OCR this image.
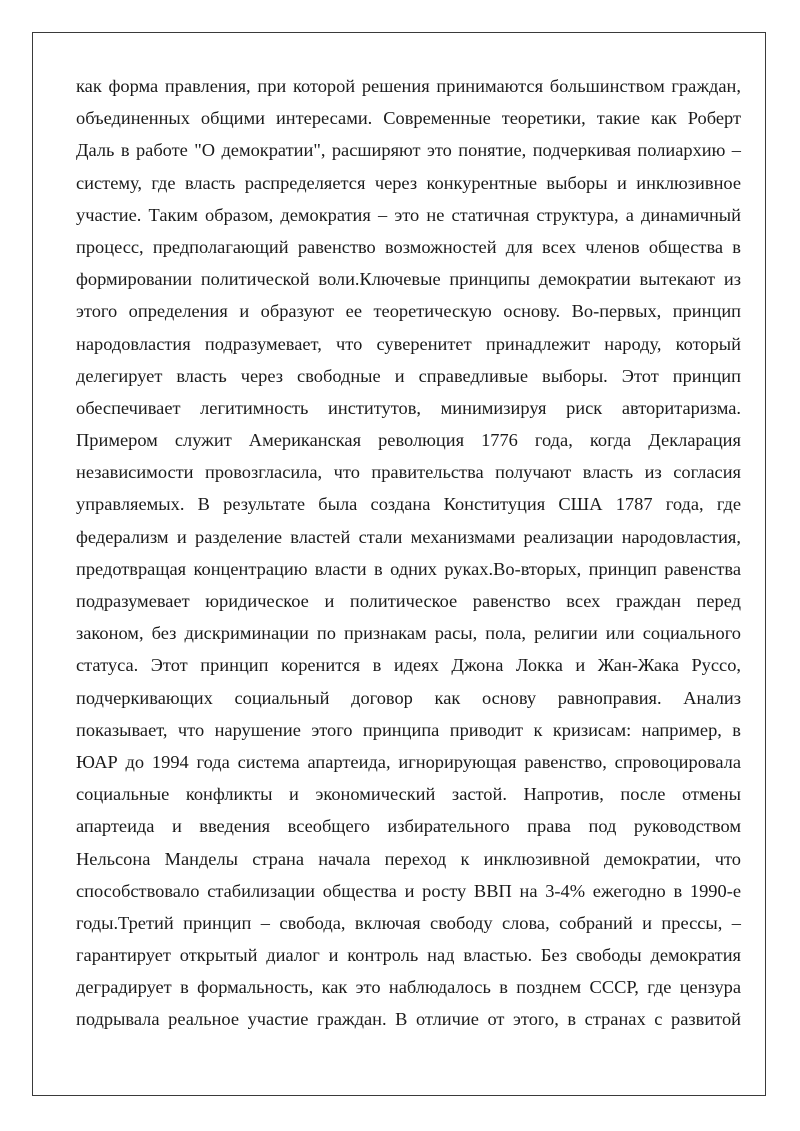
как форма правления, при которой решения принимаются большинством граждан,
объединенных общими интересами. Современные теоретики, такие как Роберт
Даль в работе "О демократии", расширяют это понятие, подчеркивая полиархию –
систему, где власть распределяется через конкурентные выборы и инклюзивное
участие. Таким образом, демократия – это не статичная структура, а динамичный
процесс, предполагающий равенство возможностей для всех членов общества в
формировании политической воли.Ключевые принципы демократии вытекают из
этого определения и образуют ее теоретическую основу. Во-первых, принцип
народовластия подразумевает, что суверенитет принадлежит народу, который
делегирует власть через свободные и справедливые выборы. Этот принцип
обеспечивает легитимность институтов, минимизируя риск авторитаризма.
Примером служит Американская революция 1776 года, когда Декларация
независимости провозгласила, что правительства получают власть из согласия
управляемых. В результате была создана Конституция США 1787 года, где
федерализм и разделение властей стали механизмами реализации народовластия,
предотвращая концентрацию власти в одних руках.Во-вторых, принцип равенства
подразумевает юридическое и политическое равенство всех граждан перед
законом, без дискриминации по признакам расы, пола, религии или социального
статуса. Этот принцип коренится в идеях Джона Локка и Жан-Жака Руссо,
подчеркивающих социальный договор как основу равноправия. Анализ
показывает, что нарушение этого принципа приводит к кризисам: например, в
ЮАР до 1994 года система апартеида, игнорирующая равенство, спровоцировала
социальные конфликты и экономический застой. Напротив, после отмены
апартеида и введения всеобщего избирательного права под руководством
Нельсона Манделы страна начала переход к инклюзивной демократии, что
способствовало стабилизации общества и росту ВВП на 3-4% ежегодно в 1990-е
годы.Третий принцип – свобода, включая свободу слова, собраний и прессы, –
гарантирует открытый диалог и контроль над властью. Без свободы демократия
деградирует в формальность, как это наблюдалось в позднем СССР, где цензура
подрывала реальное участие граждан. В отличие от этого, в странах с развитой
